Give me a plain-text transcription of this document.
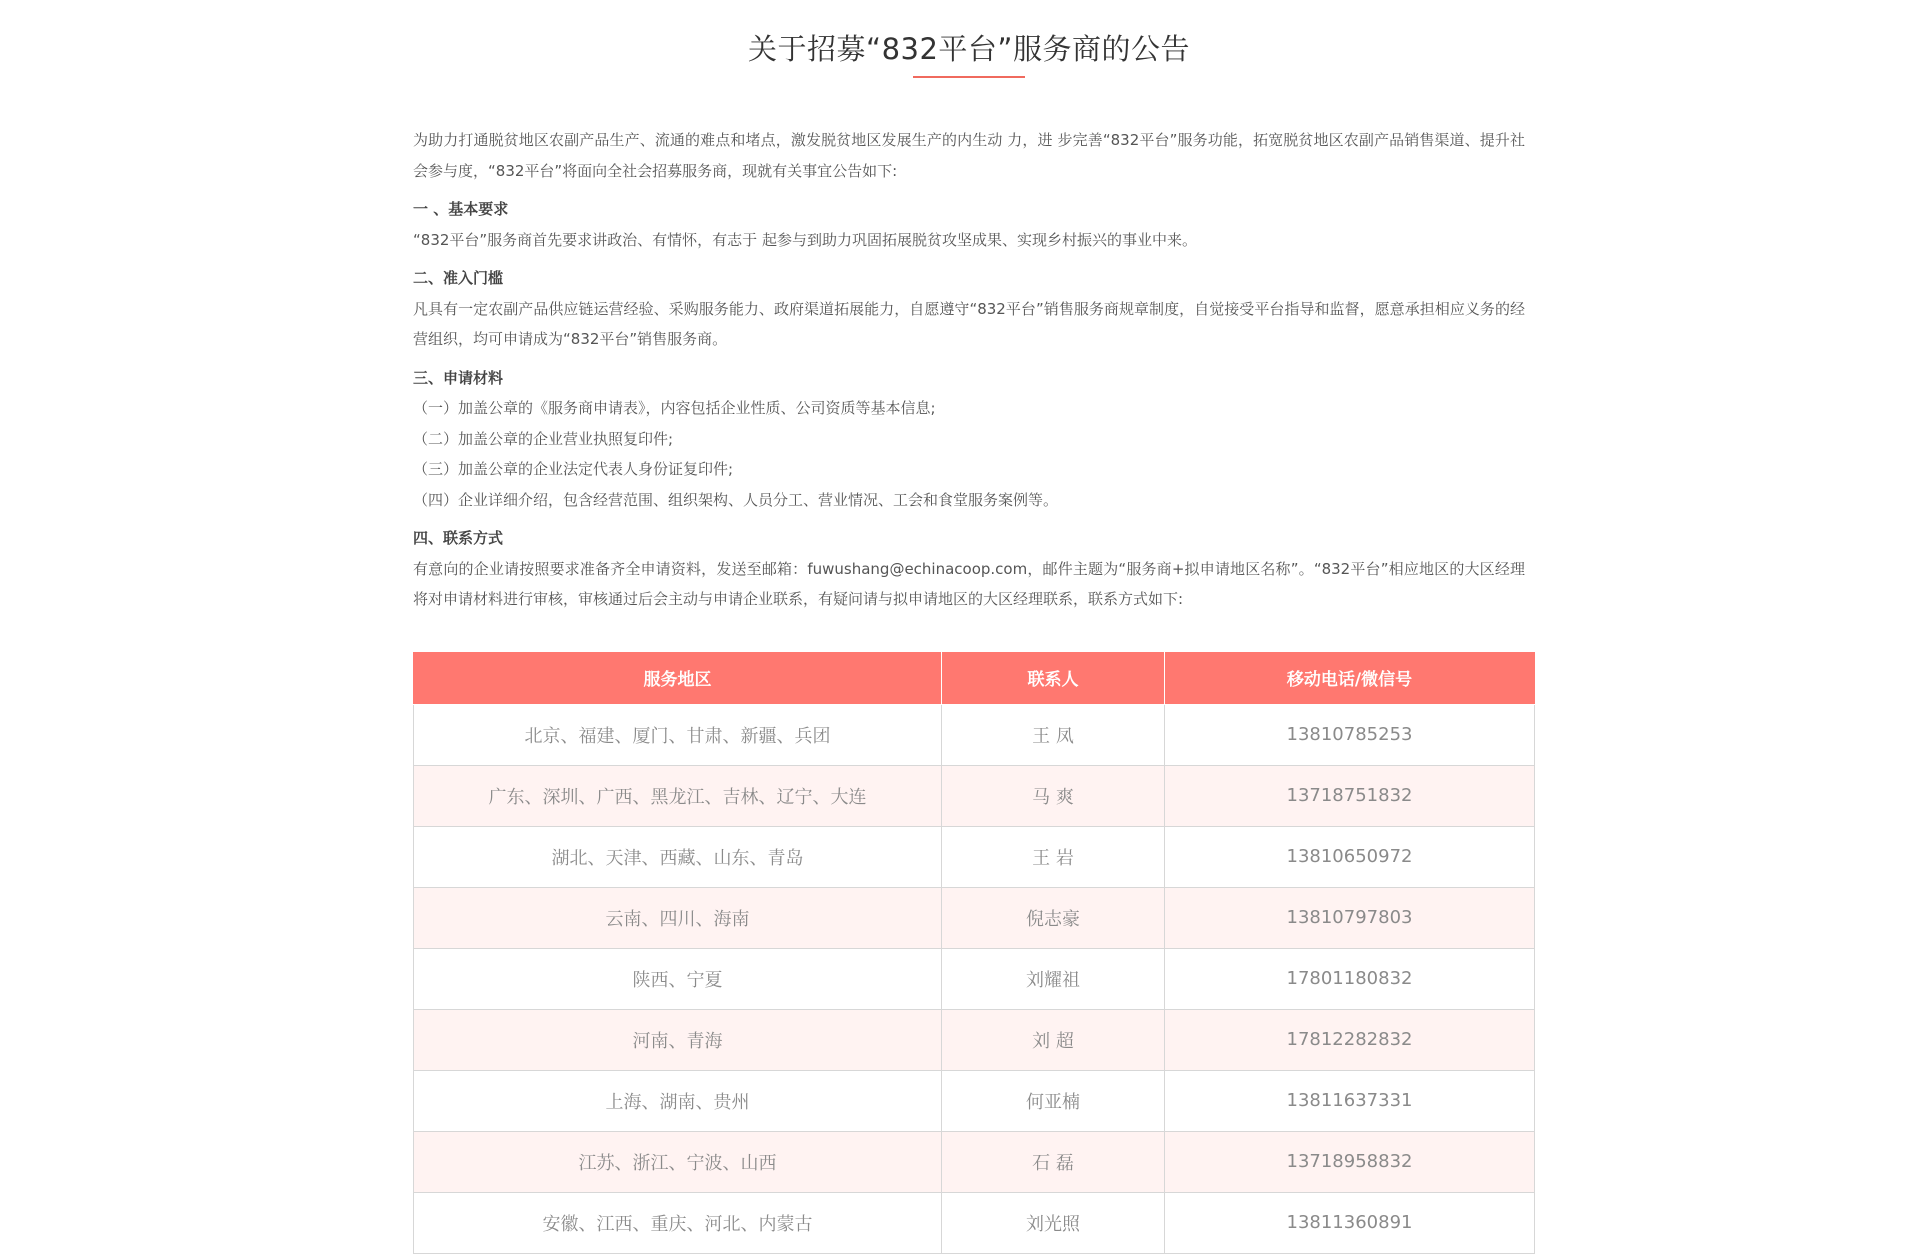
关于招募“832平台”服务商的公告

为助力打通脱贫地区农副产品生产、流通的难点和堵点，激发脱贫地区发展生产的内生动 力，进 步完善“832平台”服务功能，拓宽脱贫地区农副产品销售渠道、提升社会参与度，“832平台”将面向全社会招募服务商，现就有关事宜公告如下:

一 、基本要求

“832平台”服务商首先要求讲政治、有情怀，有志于 起参与到助力巩固拓展脱贫攻坚成果、实现乡村振兴的事业中来。

二、准入门槛

凡具有一定农副产品供应链运营经验、采购服务能力、政府渠道拓展能力，自愿遵守“832平台”销售服务商规章制度，自觉接受平台指导和监督，愿意承担相应义务的经营组织，均可申请成为“832平台”销售服务商。

三、申请材料

（一）加盖公章的《服务商申请表》，内容包括企业性质、公司资质等基本信息;

（二）加盖公章的企业营业执照复印件;

（三）加盖公章的企业法定代表人身份证复印件;

（四）企业详细介绍，包含经营范围、组织架构、人员分工、营业情况、工会和食堂服务案例等。

四、联系方式

有意向的企业请按照要求准备齐全申请资料，发送至邮箱：fuwushang@echinacoop.com，邮件主题为“服务商+拟申请地区名称”。“832平台”相应地区的大区经理将对申请材料进行审核，审核通过后会主动与申请企业联系，有疑问请与拟申请地区的大区经理联系，联系方式如下:

服务地区	联系人	移动电话/微信号
北京、福建、厦门、甘肃、新疆、兵团	王 凤	13810785253
广东、深圳、广西、黑龙江、吉林、辽宁、大连	马 爽	13718751832
湖北、天津、西藏、山东、青岛	王 岩	13810650972
云南、四川、海南	倪志豪	13810797803
陕西、宁夏	刘耀祖	17801180832
河南、青海	刘 超	17812282832
上海、湖南、贵州	何亚楠	13811637331
江苏、浙江、宁波、山西	石 磊	13718958832
安徽、江西、重庆、河北、内蒙古	刘光照	13811360891
